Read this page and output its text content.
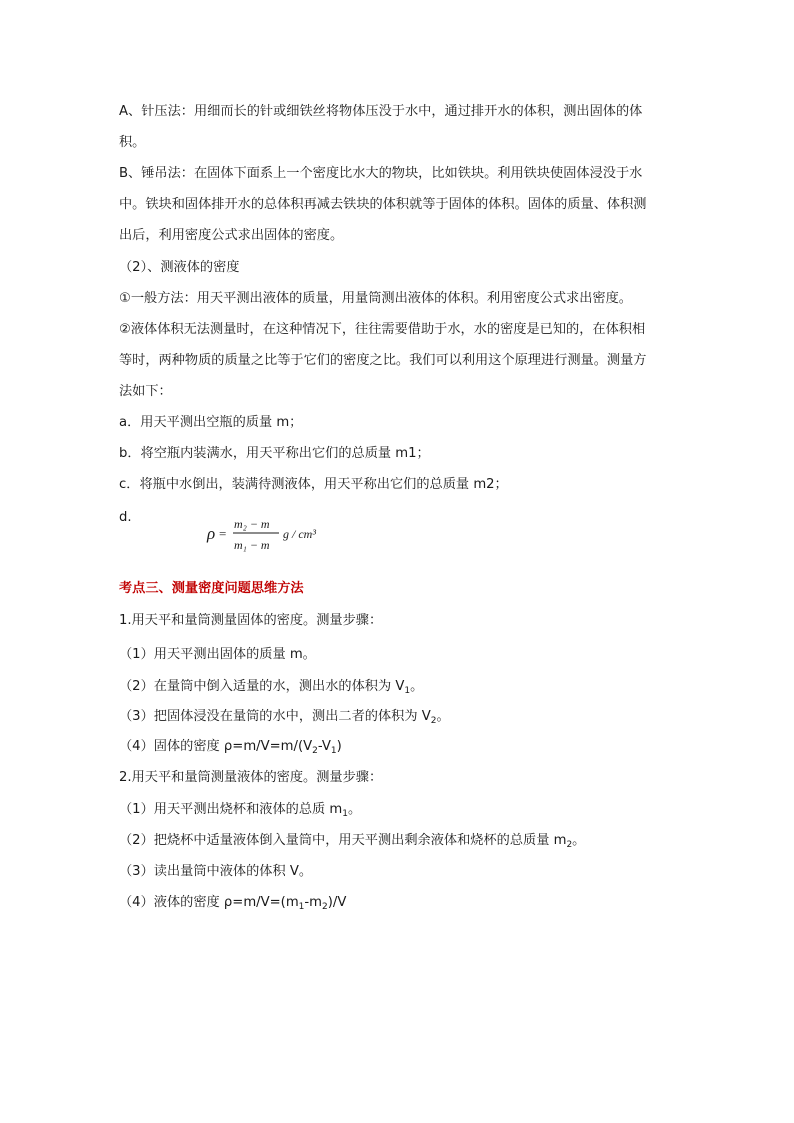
A、针压法：用细而长的针或细铁丝将物体压没于水中，通过排开水的体积，测出固体的体
积。
B、锤吊法：在固体下面系上一个密度比水大的物块，比如铁块。利用铁块使固体浸没于水
中。铁块和固体排开水的总体积再减去铁块的体积就等于固体的体积。固体的质量、体积测
出后，利用密度公式求出固体的密度。
（2）、测液体的密度
①一般方法：用天平测出液体的质量，用量筒测出液体的体积。利用密度公式求出密度。
②液体体积无法测量时，在这种情况下，往往需要借助于水，水的密度是已知的，在体积相
等时，两种物质的质量之比等于它们的密度之比。我们可以利用这个原理进行测量。测量方
法如下：
a．用天平测出空瓶的质量 m；
b．将空瓶内装满水，用天平称出它们的总质量 m1；
c．将瓶中水倒出，装满待测液体，用天平称出它们的总质量 m2；
d.
ρ =
m₂ − m
m₁ − m
g / cm³
考点三、测量密度问题思维方法
1.用天平和量筒测量固体的密度。测量步骤：
（1）用天平测出固体的质量 m。
（2）在量筒中倒入适量的水，测出水的体积为 $V_1$。
（3）把固体浸没在量筒的水中，测出二者的体积为 $V_2$。
（4）固体的密度 $\rho=m/V=m/(V_2-V_1)$
2.用天平和量筒测量液体的密度。测量步骤：
（1）用天平测出烧杯和液体的总质 $m_1$。
（2）把烧杯中适量液体倒入量筒中，用天平测出剩余液体和烧杯的总质量 $m_2$。
（3）读出量筒中液体的体积 V。
（4）液体的密度 $\rho=m/V=(m_1-m_2)/V$
